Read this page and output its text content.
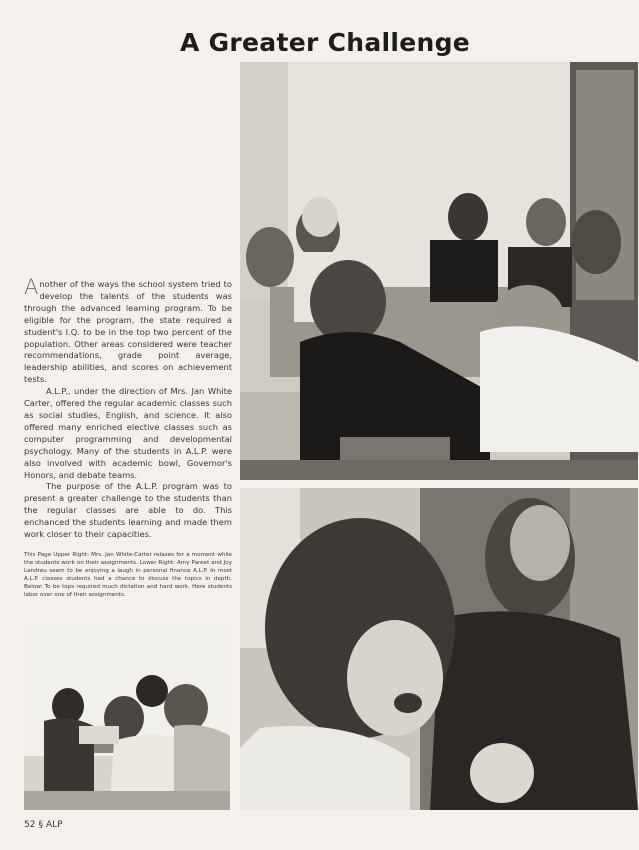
A Greater Challenge

Another of the ways the school system tried to develop the talents of the students was through the advanced learning program. To be eligible for the program, the state required a student's I.Q. to be in the top two percent of the population. Other areas considered were teacher recommendations, grade point average, leadership abilities, and scores on achievement tests.

A.L.P., under the direction of Mrs. Jan White Carter, offered the regular academic classes such as social studies, English, and science. It also offered many enriched elective classes such as computer programming and developmental psychology. Many of the students in A.L.P. were also involved with academic bowl, Governor's Honors, and debate teams.

The purpose of the A.L.P. program was to present a greater challenge to the students than the regular classes are able to do. This enchanced the students learning and made them work closer to their capacities.

This Page Upper Right: Mrs. Jan White-Carter relaxes for a moment while the students work on their assignments. Lower Right: Amy Pareet and Joy Landreu seem to be enjoying a laugh in personal finance A.L.P. In most A.L.P. classes students had a chance to discuss the topics in depth. Below: To be tops required much dictation and hard work. Here students labor over one of their assignments.
52 § ALP
